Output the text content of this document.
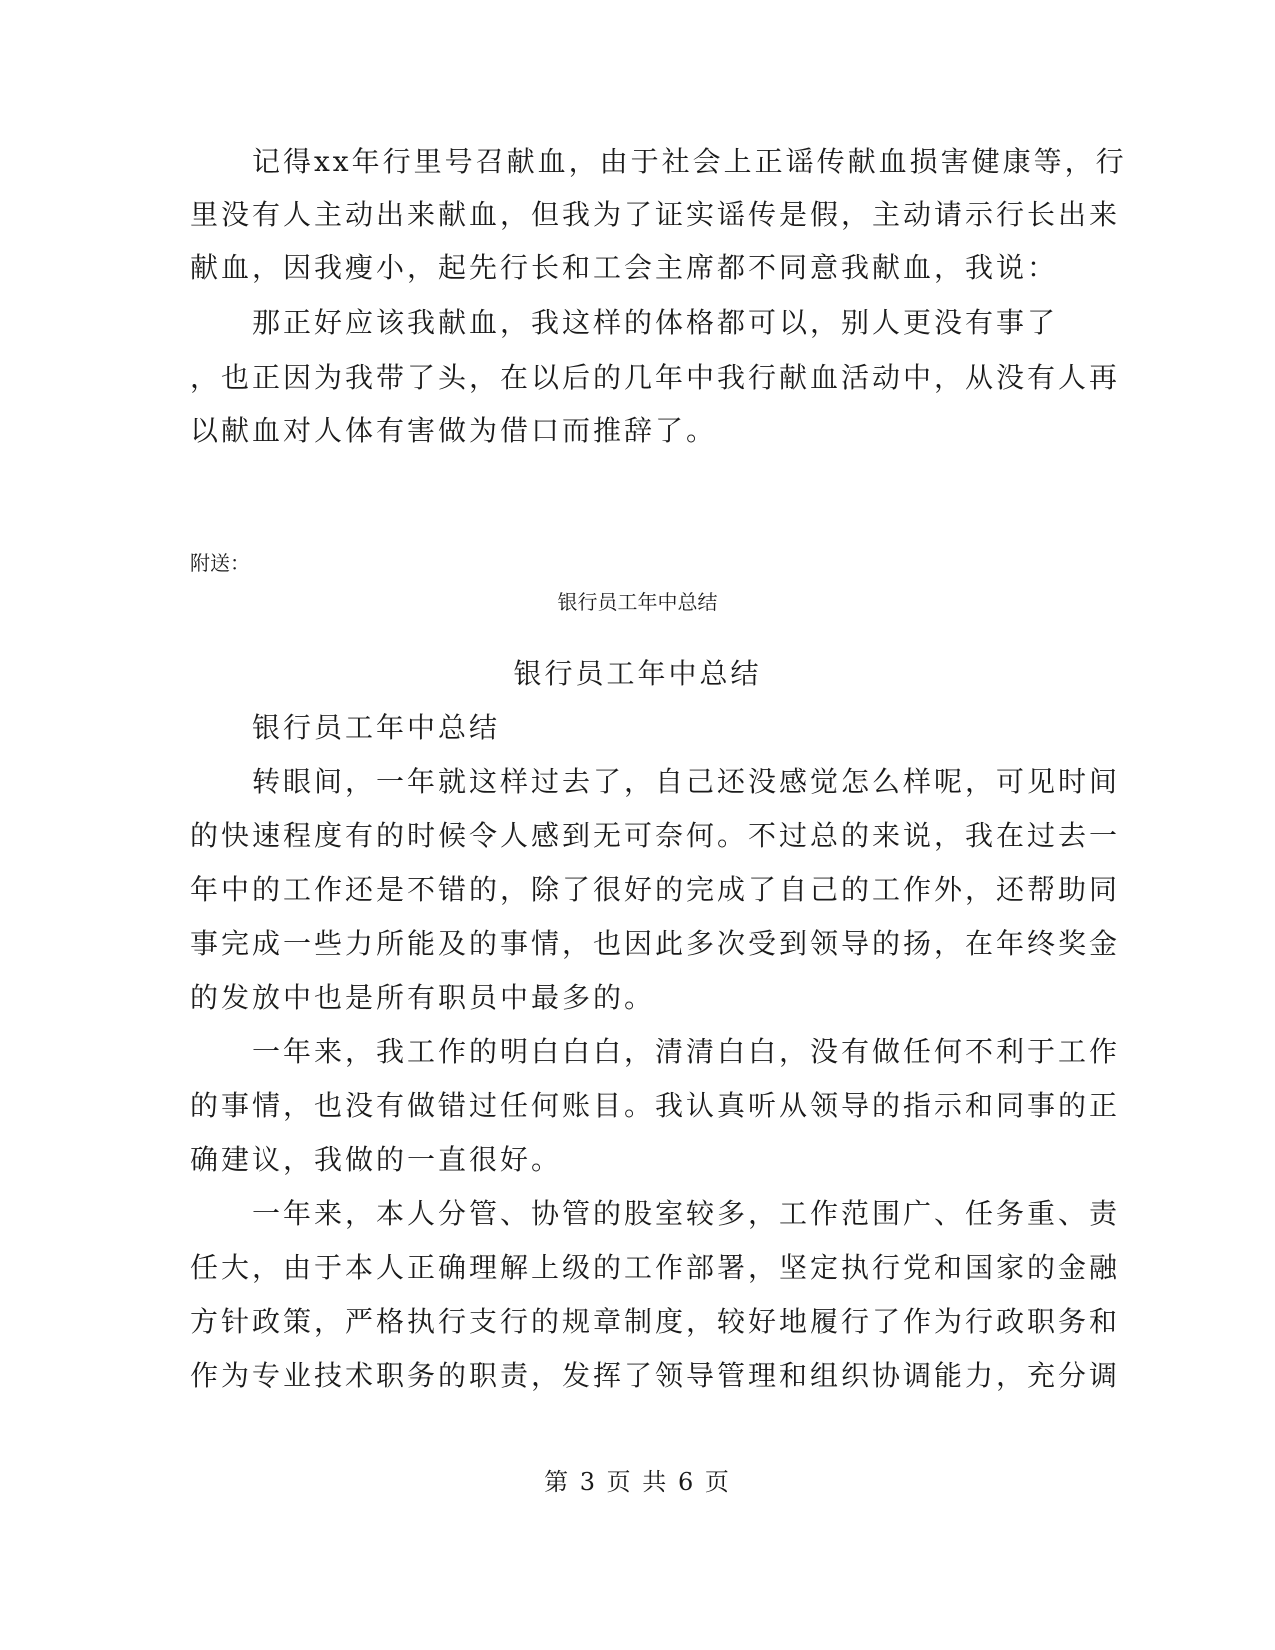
记得xx年行里号召献血，由于社会上正谣传献血损害健康等，行
里没有人主动出来献血，但我为了证实谣传是假，主动请示行长出来
献血，因我瘦小，起先行长和工会主席都不同意我献血，我说：
那正好应该我献血，我这样的体格都可以，别人更没有事了
，也正因为我带了头，在以后的几年中我行献血活动中，从没有人再
以献血对人体有害做为借口而推辞了。
附送：
银行员工年中总结
银行员工年中总结
银行员工年中总结
转眼间，一年就这样过去了，自己还没感觉怎么样呢，可见时间
的快速程度有的时候令人感到无可奈何。不过总的来说，我在过去一
年中的工作还是不错的，除了很好的完成了自己的工作外，还帮助同
事完成一些力所能及的事情，也因此多次受到领导的扬，在年终奖金
的发放中也是所有职员中最多的。
一年来，我工作的明白白白，清清白白，没有做任何不利于工作
的事情，也没有做错过任何账目。我认真听从领导的指示和同事的正
确建议，我做的一直很好。
一年来，本人分管、协管的股室较多，工作范围广、任务重、责
任大，由于本人正确理解上级的工作部署，坚定执行党和国家的金融
方针政策，严格执行支行的规章制度，较好地履行了作为行政职务和
作为专业技术职务的职责，发挥了领导管理和组织协调能力，充分调
第 3 页 共 6 页
